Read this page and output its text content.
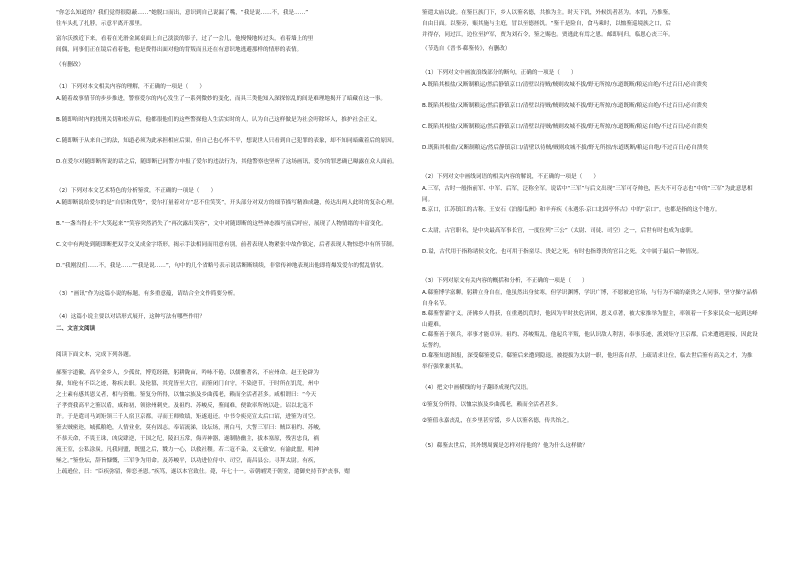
“你怎么知道的？我们觉得很隐蔽……”她脱口而出，意识到自己说漏了嘴，“我是说……不，我是……”
往车头扎了扎脖，示意平离开那里。
富尔沃挨近下来，看着在光滑金属桌面上自己淡淡的影子，过了一会儿，他慢慢地转过头，看着墙上的里
间偶，同事们正在镜后看着他，他是费得出面对他的背叛而且还在有意识地逃避那样的情形的表情。
（有删改）
（1）下列对本文相关内容的理解，不正确的一项是（　　）
A.随着故事情节的步步推进，警察爱尔的内心发生了一系列微妙的变化，而具三类他知入深探惊乱的间是难理地揭开了暗藏在这一事。
B.随即哈时内的找刑关切和松弄后，他都很他们的这些警探他人生活实时的人，认为自己这样做是为社会吁除坏人，推护社会正义。
C.随即断于从来自己的法，知道必须为此承担相应后果，但自己也心怀不平，想说世人只看到自己犯罪的表象，却不知同暗藏着后的原因。
D.在爱尔对随即断所说的话之后，随即断已同警方申报了爱尔的违法行为，其他警察也坚听了这场画讯，爱尔的罪恶确已曝露在众人面前。
（2）下列对本文艺术特色的分析鉴赏，不正确的一项是（　　）
A.随即断说给爱尔的是“自信和优势”，爱尔打量着对方“忍不住笑笑”，开头部分对双方的细节描写精准成趣，传达出两人此时的复杂心理。
B.“一盏当得止不“大笑起来”“笑容突然消失了“再次露出笑容”，文中对随即断的这些神态描写前后呼应，展现了人物情绪的丰富变化。
C.文中有两处到随即断把双手交叉成金字塔形，揭示手法相同而用意有别，前者表现人物紧张中故作镇定，后者表现人物惊恐中有所节制。
D.“我刚没们……不，我是……”“我是说……”，句中的几个省略号表示说话断断续续，非常传神地表现出他即将爆发爱尔的慌乱情状。
（3）“画讯”作为这篇小说的标题，有多重意蕴，请结合全文作简要分析。
（4）这篇小说主要以对话形式展开，这种写法有哪些作用？
二、文言文阅读
阅读下面文本，完成下列各题。
郝鉴字道徽，高平金乡人，少孤贫，博览经籍，躬耕陇亩，吟咏不倦。以儒雅著名，不应州命。赵王伦辟为
掾，知伦有不臣之迹，称疾去职。及伦篡，其党皆至大官，而鉴闭门自守，不染逆节。于时所在饥荒，州中
之士素有感其恩义者，相与资赡。鉴复分所得，以恤宗族及乡曲孤老，赖而全活者甚多。咸相谓曰：“今天
子孝赍我高平之鉴以盾，咸和初，领徐州刺史。及祖约、苏峻反，鉴闻难，便欲率所统以赴。诏以北寇不
许。于是遣司马刘矩领三千人宿卫京都。寻而王师败绩，矩遂退还。中书令庾亮宣太后口诏，进鉴为司空。
鉴去贼密迩，城孤粮绝，人情业业，莫有固志。奉诏流涕，设坛场，刑白马，大誓三军曰：贼臣祖约、苏峻，
不恭天命，不畏王诛，凶戾肆逆，干国之纪，陵汩五常，侮弄神器，遂制胁幽主，拔本塞原，残害忠良，祸
流王室，公私涂炭。凡我同盟，既盟之后，戮力一心，以救社稷。若二寇不枭，义无偷安。有渝此盟，明神
殛之。”鉴登坛，辞旨慷慨，三军争为用命。及苏峻平，以功进位侍中、司空，南昌县公。寻拜太尉。有疾，
上疏逊位，曰：“臣疾弥留，仰恋圣恩。”疾笃，遂以本官致仕。薨，年七十一。帝朝晡哭于朝堂，遣御史持节护丧事，赗
鉴遣太庙以此。在鉴巨族门下，乡人以鉴名德，共推为主。时天下饥，外候饥者甚为。本饥，乃推鉴，
自由日面。以鉴旁，赈其施与主庭，冒以至德拯饥。“鉴千是险自，食马乘时，以恤鉴巡境族之口，后
并得存，同过江，边位至护军，贾为刘石令，鉴之赐也。贾逃此有焉之恩。邮即同归，临恩心丧三年。
（节选自《晋书·郗鉴传》，有删改）
（1）下列对文中画波浪线部分的断句，正确的一项是（　　）
A.既陷其根盐/又断制粮运/然后静镇京口/清壁以待贼/贼则攻城不拔/野无所掠/东道既断/粮运自绝/不过百日/必自溃矣
B.既陷其根盐/又断制粮运/然后静镇京口/清壁以待贼/贼则攻城不拔/野无所掠/东道既断/粮运自绝/不过百日/必自溃矣
C.既陷其根盐/又断制粮运/然后静镇京口/清壁以待贼/贼则攻城不拔/野无所掠/东道既断/粮运自绝/不过百日/必自溃矣
D.既陷其根盐/又断制粮运/然后静镇京口/清壁以待贼/贼则攻城不拔/野无所掠/东道既断/粮运自绝/不过百日/必自溃矣
（2）下列对文中画线词语的相关内容的解说，不正确的一项是（　　）
A.三军，古时一般指前军、中军、后军，泛称全军。说话中“三军”与后文出现“三军可夺帅也，匹夫不可夺志也”中的“三军”为此意思相同。
B.京口，江苏镇江的古称。王安石《泊船瓜洲》和辛弃疾《永遇乐·京口北固亭怀古》中的“京口”，也都是指的这个地方。
C.太尉，古官职名，是中央最高军事长官，一度位列“三公”（太尉、司徒、司空）之一，后世有时也成为虚职。
D.谥，古代用于指称诸侯文化，也可用于指童尽、贵妃之死，有时也指尊贵的官吕之死，文中属于最后一种情况。
（3）下列对原文有关内容的概括和分析，不正确的一项是（　　）
A.郗鉴博学富聊，躬耕立身自在，他虽然出身贫寒，但学识渊博，学识广博，不愿被迫官场，与行为不端的豪贵之人同事，坚守操守品格自身名节。
B.郗鉴誓灌守义，济佛乡人得获，在重遇饥荒时，他因为平时扶危济困，恩义卓著，被大家推举为盟主，率领着一千多家民众一起到达峄山避难。
C.郗鉴善于领兵，率事才能卓异。祖约、苏峻叛乱，他起兵平叛，他认识敌人利害，奉事乐迹，派刘矩守卫京都，后来遭遇迎接，因此设坛誓约。
D.郗鉴知恩图报，深受郗鉴爱后。郗鉴后来遭到隐退，被提拔为太尉一职，他坦荡自荐，上疏请求让位，临去世后鉴有高关之才，为推举行强掌兼其私。
（4）把文中画横线的句子翻译成现代汉语。
①鉴复分所得，以恤宗族及乡曲孤老，赖而全活者甚多。
②鉴值永嘉丧乱，在乡里甚穷馁，乡人以鉴名德，传共饴之。
（5）郗鉴去世后，其外甥周翼是怎样对待他的？他为什么这样做？
